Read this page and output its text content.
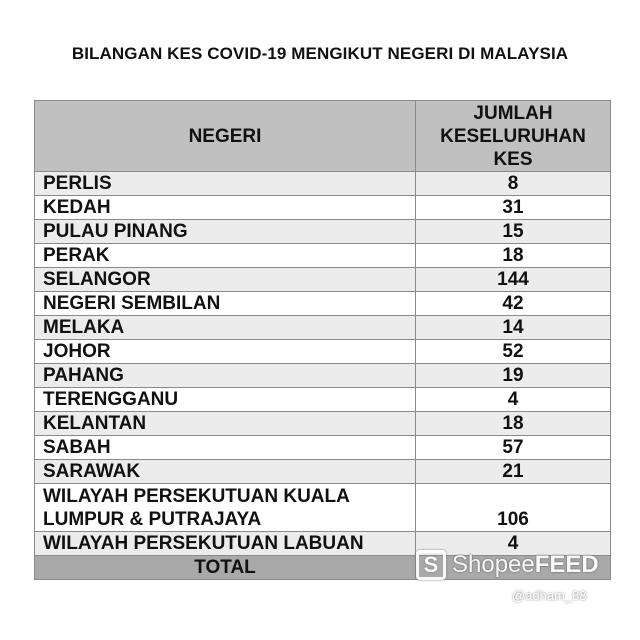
BILANGAN KES COVID-19 MENGIKUT NEGERI DI MALAYSIA
NEGERI	JUMLAH
KESELURUHAN
KES

PERLIS	8
KEDAH	31
PULAU PINANG	15
PERAK	18
SELANGOR	144
NEGERI SEMBILAN	42
MELAKA	14
JOHOR	52
PAHANG	19
TERENGGANU	4
KELANTAN	18
SABAH	57
SARAWAK	21
WILAYAH PERSEKUTUAN KUALA LUMPUR & PUTRAJAYA	106
WILAYAH PERSEKUTUAN LABUAN	4
TOTAL		S ShopeeFEED
@adham_88
